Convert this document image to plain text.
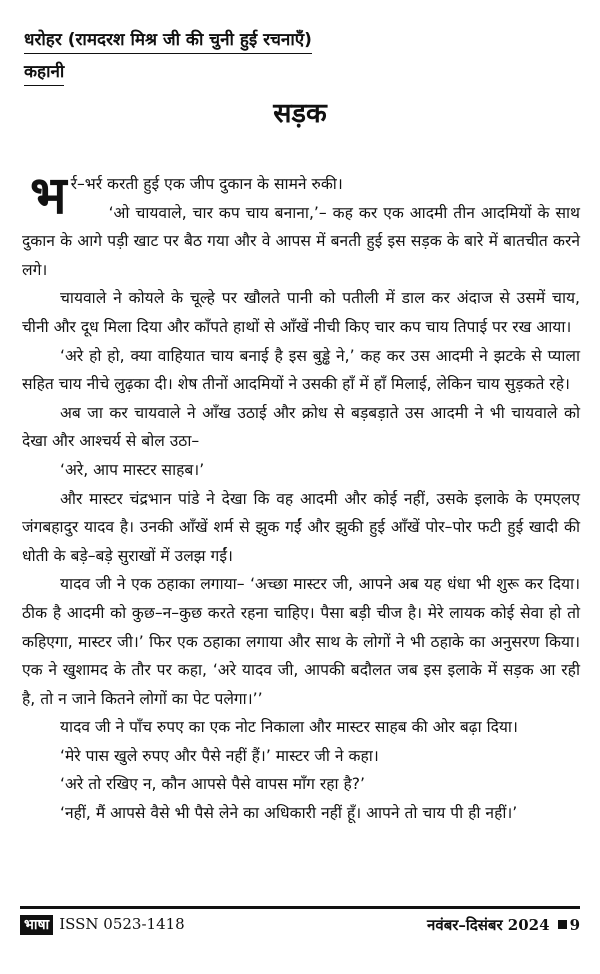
धरोहर (रामदरश मिश्र जी की चुनी हुई रचनाएँ)
कहानी
सड़क

भर्र–भर्र करती हुई एक जीप दुकान के सामने रुकी।

‘ओ चायवाले, चार कप चाय बनाना,’– कह कर एक आदमी तीन आदमियों के साथ दुकान के आगे पड़ी खाट पर बैठ गया और वे आपस में बनती हुई इस सड़क के बारे में बातचीत करने लगे।

चायवाले ने कोयले के चूल्हे पर खौलते पानी को पतीली में डाल कर अंदाज से उसमें चाय, चीनी और दूध मिला दिया और काँपते हाथों से आँखें नीची किए चार कप चाय तिपाई पर रख आया।

‘अरे हो हो, क्या वाहियात चाय बनाई है इस बुड्ढे ने,’ कह कर उस आदमी ने झटके से प्याला सहित चाय नीचे लुढ़का दी। शेष तीनों आदमियों ने उसकी हाँ में हाँ मिलाई, लेकिन चाय सुड़कते रहे।

अब जा कर चायवाले ने आँख उठाई और क्रोध से बड़बड़ाते उस आदमी ने भी चायवाले को देखा और आश्चर्य से बोल उठा–

‘अरे, आप मास्टर साहब।’

और मास्टर चंद्रभान पांडे ने देखा कि वह आदमी और कोई नहीं, उसके इलाके के एमएलए जंगबहादुर यादव है। उनकी आँखें शर्म से झुक गईं और झुकी हुई आँखें पोर–पोर फटी हुई खादी की धोती के बड़े–बड़े सुराखों में उलझ गईं।

यादव जी ने एक ठहाका लगाया– ‘अच्छा मास्टर जी, आपने अब यह धंधा भी शुरू कर दिया। ठीक है आदमी को कुछ–न–कुछ करते रहना चाहिए। पैसा बड़ी चीज है। मेरे लायक कोई सेवा हो तो कहिएगा, मास्टर जी।’ फिर एक ठहाका लगाया और साथ के लोगों ने भी ठहाके का अनुसरण किया। एक ने खुशामद के तौर पर कहा, ‘अरे यादव जी, आपकी बदौलत जब इस इलाके में सड़क आ रही है, तो न जाने कितने लोगों का पेट पलेगा।’’

यादव जी ने पाँच रुपए का एक नोट निकाला और मास्टर साहब की ओर बढ़ा दिया।

‘मेरे पास खुले रुपए और पैसे नहीं हैं।’ मास्टर जी ने कहा।

‘अरे तो रखिए न, कौन आपसे पैसे वापस माँग रहा है?’

‘नहीं, मैं आपसे वैसे भी पैसे लेने का अधिकारी नहीं हूँ। आपने तो चाय पी ही नहीं।’

भाषा ISSN 0523-1418	नवंबर–दिसंबर 2024 9
